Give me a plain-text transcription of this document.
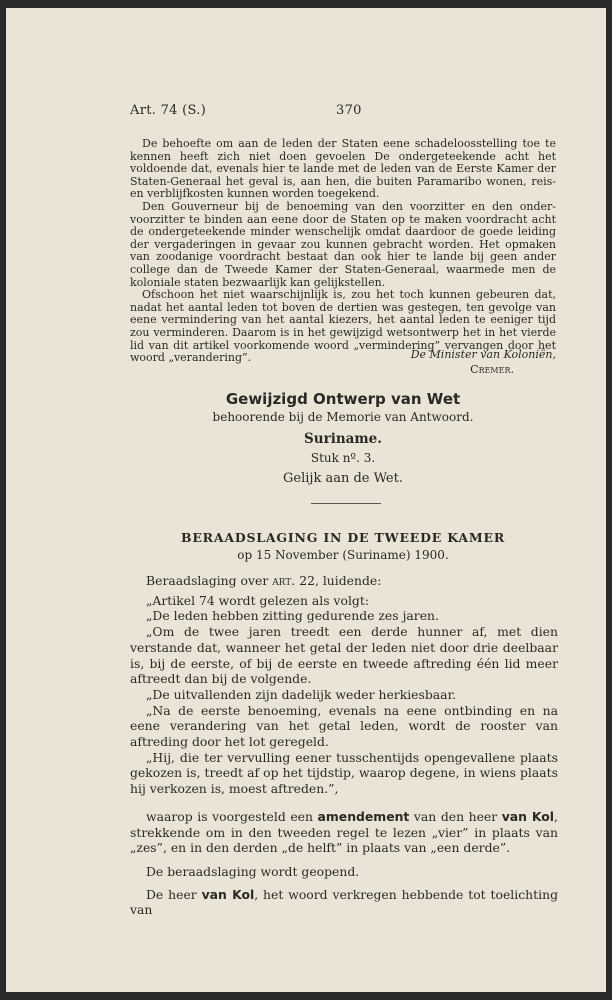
Art. 74 (S.)	370

De behoefte om aan de leden der Staten eene schadeloosstelling toe te kennen heeft zich niet doen gevoelen De ondergeteekende acht het voldoende dat, evenals hier te lande met de leden van de Eerste Kamer der Staten-Generaal het geval is, aan hen, die buiten Paramaribo wonen, reis- en verblijfkosten kunnen worden toegekend.

Den Gouverneur bij de benoeming van den voorzitter en den onder-voorzitter te binden aan eene door de Staten op te maken voordracht acht de ondergeteekende minder wenschelijk omdat daardoor de goede leiding der vergaderingen in gevaar zou kunnen gebracht worden. Het opmaken van zoodanige voordracht bestaat dan ook hier te lande bij geen ander college dan de Tweede Kamer der Staten-Generaal, waarmede men de koloniale staten bezwaarlijk kan gelijkstellen.

Ofschoon het niet waarschijnlijk is, zou het toch kunnen gebeuren dat, nadat het aantal leden tot boven de dertien was gestegen, ten gevolge van eene vermindering van het aantal kiezers, het aantal leden te eeniger tijd zou verminderen. Daarom is in het gewijzigd wetsontwerp het in het vierde lid van dit artikel voorkomende woord „vermindering” vervangen door het woord „verandering”.	De Minister van Koloniën,
Cremer.
Gewijzigd Ontwerp van Wet
behoorende bij de Memorie van Antwoord.
Suriname.
Stuk nº. 3.
Gelijk aan de Wet.
BERAADSLAGING IN DE TWEEDE KAMER
op 15 November (Suriname) 1900.

Beraadslaging over art. 22, luidende:

„Artikel 74 wordt gelezen als volgt:

„De leden hebben zitting gedurende zes jaren.

„Om de twee jaren treedt een derde hunner af, met dien verstande dat, wanneer het getal der leden niet door drie deelbaar is, bij de eerste, of bij de eerste en tweede aftreding één lid meer aftreedt dan bij de volgende.

„De uitvallenden zijn dadelijk weder herkiesbaar.

„Na de eerste benoeming, evenals na eene ontbinding en na eene verandering van het getal leden, wordt de rooster van aftreding door het lot geregeld.

„Hij, die ter vervulling eener tusschentijds opengevallene plaats gekozen is, treedt af op het tijdstip, waarop degene, in wiens plaats hij verkozen is, moest aftreden.”,

waarop is voorgesteld een amendement van den heer van Kol, strekkende om in den tweeden regel te lezen „vier” in plaats van „zes”, en in den derden „de helft” in plaats van „een derde”.

De beraadslaging wordt geopend.

De heer van Kol, het woord verkregen hebbende tot toelichting van
